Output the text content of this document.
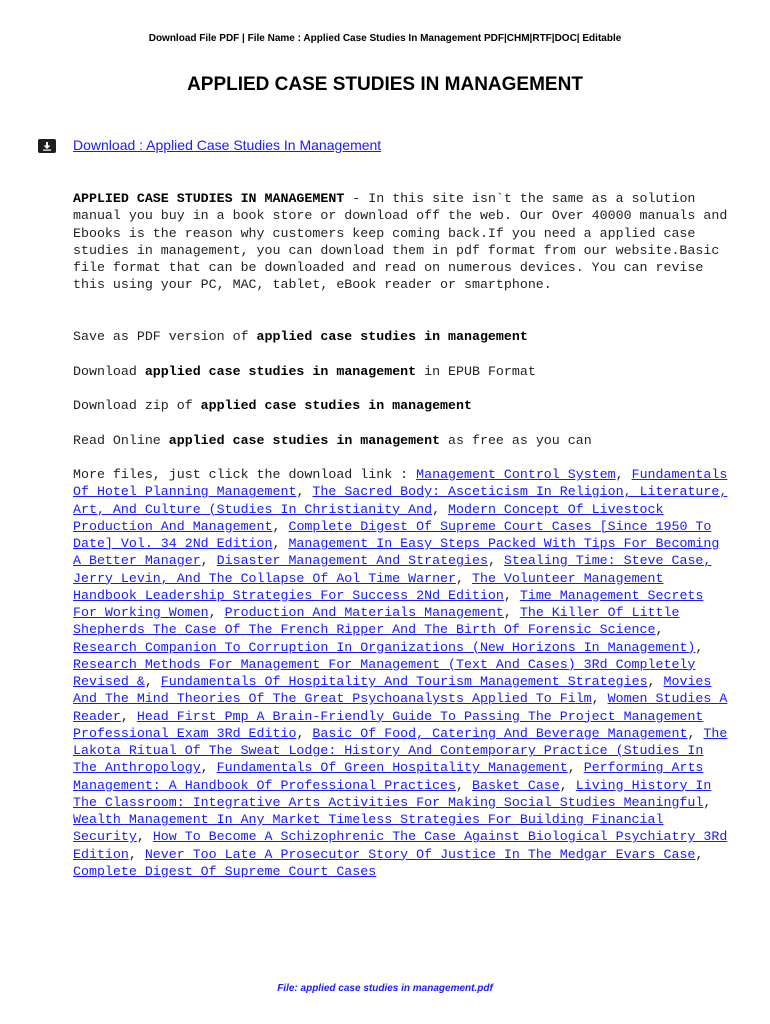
Download File PDF | File Name : Applied Case Studies In Management PDF|CHM|RTF|DOC| Editable
APPLIED CASE STUDIES IN MANAGEMENT
Download : Applied Case Studies In Management

APPLIED CASE STUDIES IN MANAGEMENT - In this site isn`t the same as a solution manual you buy in a book store or download off the web. Our Over 40000 manuals and Ebooks is the reason why customers keep coming back.If you need a applied case studies in management, you can download them in pdf format from our website.Basic file format that can be downloaded and read on numerous devices. You can revise this using your PC, MAC, tablet, eBook reader or smartphone.

Save as PDF version of applied case studies in management

Download applied case studies in management in EPUB Format

Download zip of applied case studies in management

Read Online applied case studies in management as free as you can

More files, just click the download link : Management Control System, Fundamentals Of Hotel Planning Management, The Sacred Body: Asceticism In Religion, Literature, Art, And Culture (Studies In Christianity And, Modern Concept Of Livestock Production And Management, Complete Digest Of Supreme Court Cases [Since 1950 To Date] Vol. 34 2Nd Edition, Management In Easy Steps Packed With Tips For Becoming A Better Manager, Disaster Management And Strategies, Stealing Time: Steve Case, Jerry Levin, And The Collapse Of Aol Time Warner, The Volunteer Management Handbook Leadership Strategies For Success 2Nd Edition, Time Management Secrets For Working Women, Production And Materials Management, The Killer Of Little Shepherds The Case Of The French Ripper And The Birth Of Forensic Science, Research Companion To Corruption In Organizations (New Horizons In Management), Research Methods For Management For Management (Text And Cases) 3Rd Completely Revised &, Fundamentals Of Hospitality And Tourism Management Strategies, Movies And The Mind Theories Of The Great Psychoanalysts Applied To Film, Women Studies A Reader, Head First Pmp A Brain-Friendly Guide To Passing The Project Management Professional Exam 3Rd Editio, Basic Of Food, Catering And Beverage Management, The Lakota Ritual Of The Sweat Lodge: History And Contemporary Practice (Studies In The Anthropology, Fundamentals Of Green Hospitality Management, Performing Arts Management: A Handbook Of Professional Practices, Basket Case, Living History In The Classroom: Integrative Arts Activities For Making Social Studies Meaningful, Wealth Management In Any Market Timeless Strategies For Building Financial Security, How To Become A Schizophrenic The Case Against Biological Psychiatry 3Rd Edition, Never Too Late A Prosecutor Story Of Justice In The Medgar Evars Case, Complete Digest Of Supreme Court Cases

File: applied case studies in management.pdf
